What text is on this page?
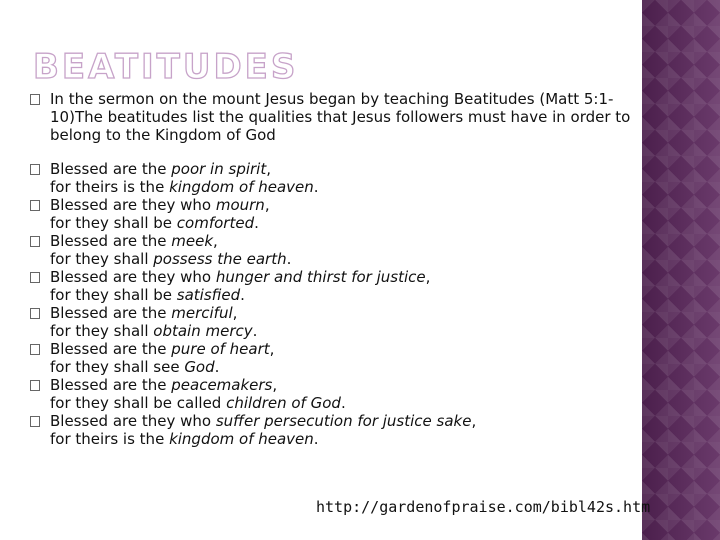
BEATITUDES
In the sermon on the mount Jesus began by teaching Beatitudes (Matt 5:1-10)The beatitudes list the qualities that Jesus followers must have in order to belong to the Kingdom of God
Blessed are the poor in spirit,
for theirs is the kingdom of heaven.
Blessed are they who mourn,
for they shall be comforted.
Blessed are the meek,
for they shall possess the earth.
Blessed are they who hunger and thirst for justice,
for they shall be satisfied.
Blessed are the merciful,
for they shall obtain mercy.
Blessed are the pure of heart,
for they shall see God.
Blessed are the peacemakers,
for they shall be called children of God.
Blessed are they who suffer persecution for justice sake,
for theirs is the kingdom of heaven.
http://gardenofpraise.com/bibl42s.htm
